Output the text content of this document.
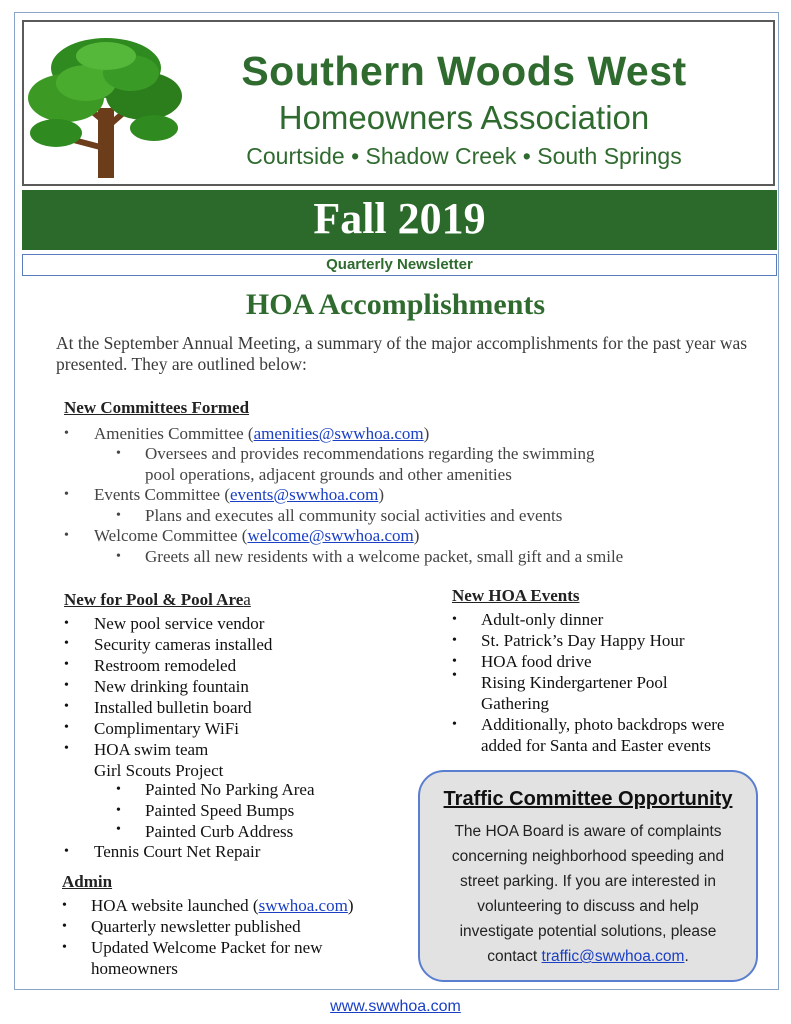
Southern Woods West
Homeowners Association
Courtside • Shadow Creek • South Springs
Fall 2019
Quarterly Newsletter
HOA Accomplishments
At the September Annual Meeting, a summary of the major accomplishments for the past year was presented. They are outlined below:
New Committees Formed
• Amenities Committee (amenities@swwhoa.com)
• Oversees and provides recommendations regarding the swimming
pool operations, adjacent grounds and other amenities
• Events Committee (events@swwhoa.com)
• Plans and executes all community social activities and events
• Welcome Committee (welcome@swwhoa.com)
• Greets all new residents with a welcome packet, small gift and a smile
New for Pool & Pool Area
• New pool service vendor
• Security cameras installed
• Restroom remodeled
• New drinking fountain
• Installed bulletin board
• Complimentary WiFi
• HOA swim team
Girl Scouts Project
• Painted No Parking Area
• Painted Speed Bumps
• Painted Curb Address
• Tennis Court Net Repair
Admin
• HOA website launched (swwhoa.com)
• Quarterly newsletter published
• Updated Welcome Packet for new
homeowners
New HOA Events
• Adult-only dinner
• St. Patrick’s Day Happy Hour
• HOA food drive
• Rising Kindergartener Pool
Gathering
• Additionally, photo backdrops were
added for Santa and Easter events
Traffic Committee Opportunity
The HOA Board is aware of complaints
concerning neighborhood speeding and
street parking. If you are interested in
volunteering to discuss and help
investigate potential solutions, please
contact traffic@swwhoa.com.
www.swwhoa.com
